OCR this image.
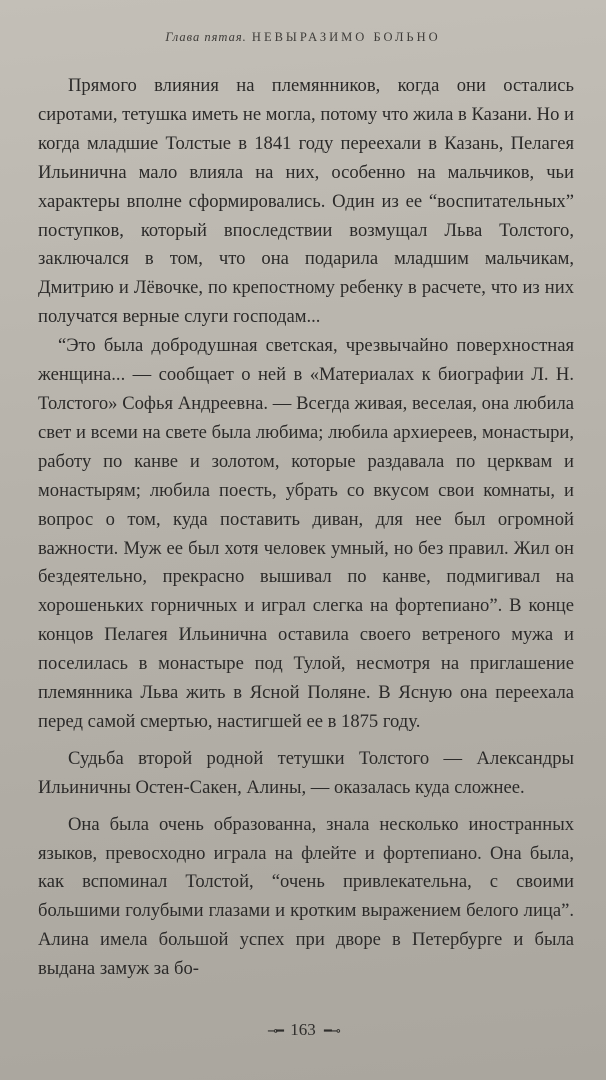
Глава пятая. НЕВЫРАЗИМО БОЛЬНО

Прямого влияния на племянников, когда они остались сиротами, тетушка иметь не могла, потому что жила в Казани. Но и когда младшие Толстые в 1841 году переехали в Казань, Пелагея Ильинична мало влияла на них, особенно на мальчиков, чьи характеры вполне сформировались. Один из ее “воспитательных” поступков, который впоследствии возмущал Льва Толстого, заключался в том, что она подарила младшим мальчикам, Дмитрию и Лёвочке, по крепостному ребенку в расчете, что из них получатся верные слуги господам...

“Это была добродушная светская, чрезвычайно поверхностная женщина... — сообщает о ней в «Материалах к биографии Л. Н. Толстого» Софья Андреевна. — Всегда живая, веселая, она любила свет и всеми на свете была любима; любила архиереев, монастыри, работу по канве и золотом, которые раздавала по церквам и монастырям; любила поесть, убрать со вкусом свои комнаты, и вопрос о том, куда поставить диван, для нее был огромной важности. Муж ее был хотя человек умный, но без правил. Жил он бездеятельно, прекрасно вышивал по канве, подмигивал на хорошеньких горничных и играл слегка на фортепиано”. В конце концов Пелагея Ильинична оставила своего ветреного мужа и поселилась в монастыре под Тулой, несмотря на приглашение племянника Льва жить в Ясной Поляне. В Ясную она переехала перед самой смертью, настигшей ее в 1875 году.

Судьба второй родной тетушки Толстого — Александры Ильиничны Остен-Сакен, Алины, — оказалась куда сложнее.

Она была очень образованна, знала несколько иностранных языков, превосходно играла на флейте и фортепиано. Она была, как вспоминал Толстой, “очень привлекательна, с своими большими голубыми глазами и кротким выражением белого лица”. Алина имела большой успех при дворе в Петербурге и была выдана замуж за бо-

⊸━ 163 ━⊸
